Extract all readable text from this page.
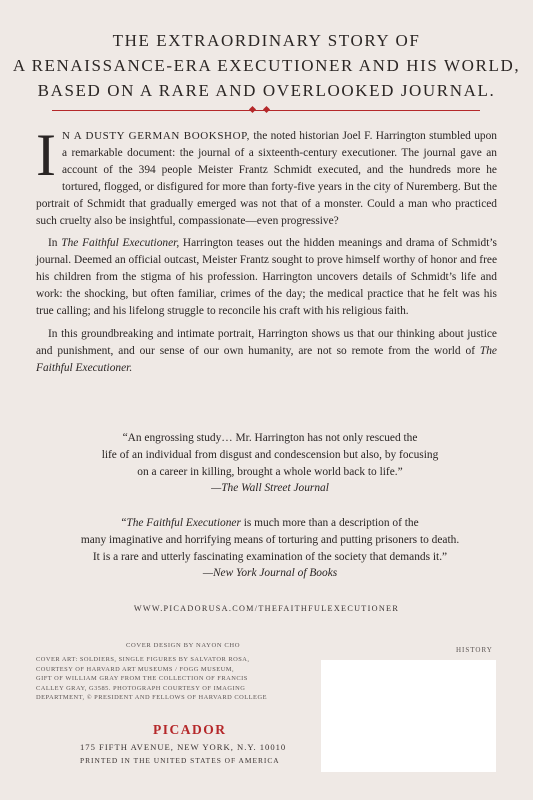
THE EXTRAORDINARY STORY OF
A RENAISSANCE-ERA EXECUTIONER AND HIS WORLD,
BASED ON A RARE AND OVERLOOKED JOURNAL.

I N A DUSTY GERMAN BOOKSHOP, the noted historian Joel F. Harrington stumbled upon a remarkable document: the journal of a sixteenth-century executioner. The journal gave an account of the 394 people Meister Frantz Schmidt executed, and the hundreds more he tortured, flogged, or disfigured for more than forty-five years in the city of Nuremberg. But the portrait of Schmidt that gradually emerged was not that of a monster. Could a man who practiced such cruelty also be insightful, compassionate—even progressive?

In The Faithful Executioner, Harrington teases out the hidden meanings and drama of Schmidt’s journal. Deemed an official outcast, Meister Frantz sought to prove himself worthy of honor and free his children from the stigma of his profession. Harrington uncovers details of Schmidt’s life and work: the shocking, but often familiar, crimes of the day; the medical practice that he felt was his true calling; and his lifelong struggle to reconcile his craft with his religious faith.

In this groundbreaking and intimate portrait, Harrington shows us that our thinking about justice and punishment, and our sense of our own humanity, are not so remote from the world of The Faithful Executioner.

“An engrossing study… Mr. Harrington has not only rescued the
life of an individual from disgust and condescension but also, by focusing
on a career in killing, brought a whole world back to life.”
—The Wall Street Journal
“The Faithful Executioner is much more than a description of the
many imaginative and horrifying means of torturing and putting prisoners to death.
It is a rare and utterly fascinating examination of the society that demands it.”
—New York Journal of Books
WWW.PICADORUSA.COM/THEFAITHFULEXECUTIONER
COVER DESIGN BY NAYON CHO
COVER ART: SOLDIERS, SINGLE FIGURES BY SALVATOR ROSA,
COURTESY OF HARVARD ART MUSEUMS / FOGG MUSEUM,
GIFT OF WILLIAM GRAY FROM THE COLLECTION OF FRANCIS
CALLEY GRAY, G3585. PHOTOGRAPH COURTESY OF IMAGING
DEPARTMENT, © PRESIDENT AND FELLOWS OF HARVARD COLLEGE
PICADOR
175 FIFTH AVENUE, NEW YORK, N.Y. 10010
PRINTED IN THE UNITED STATES OF AMERICA
HISTORY
